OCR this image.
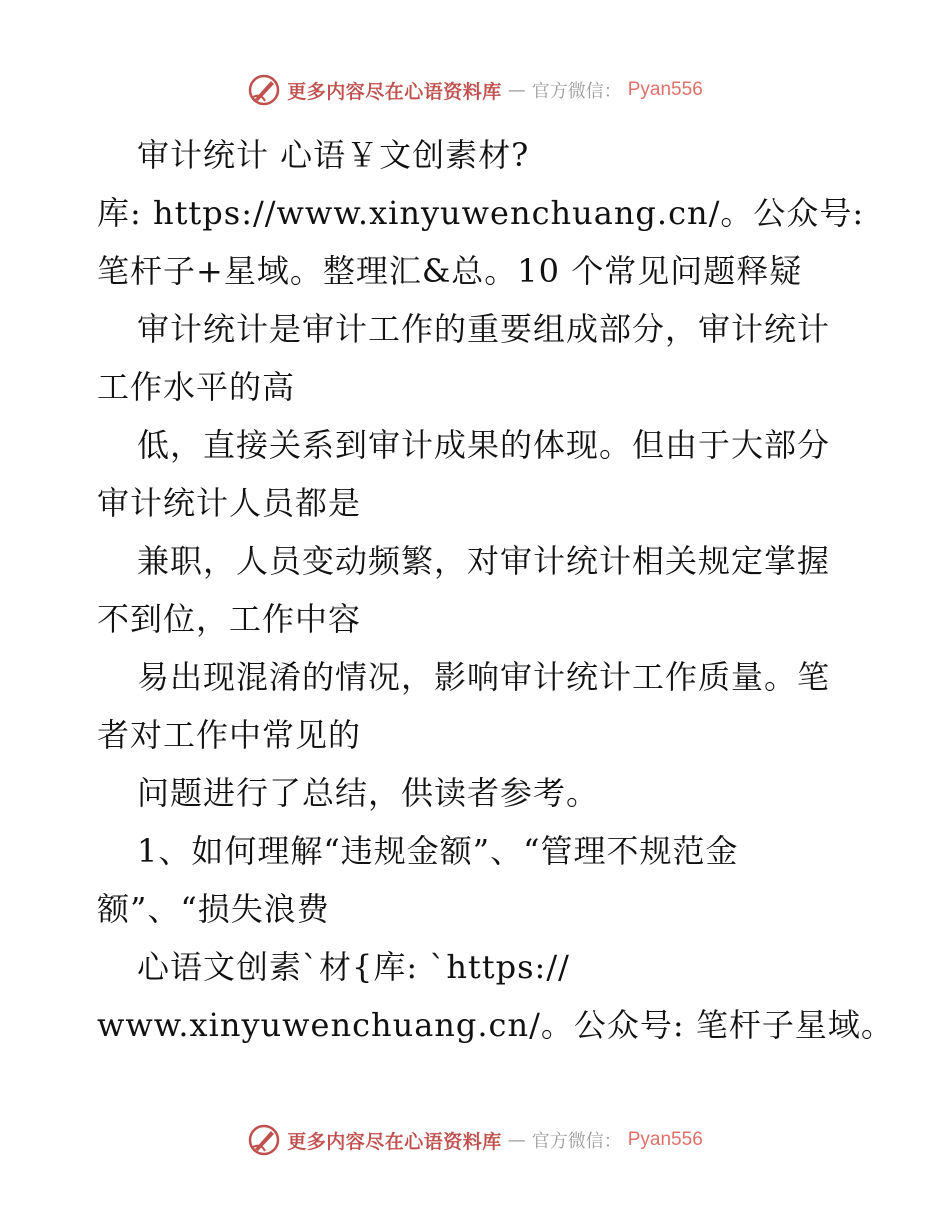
更多内容尽在心语资料库 — 官方微信： Pyan556
审计统计 心语￥文创素材?
库: https://www.xinyuwenchuang.cn/。公众号:
笔杆子+星域。整理汇&总。10 个常见问题释疑
审计统计是审计工作的重要组成部分，审计统计
工作水平的高
低，直接关系到审计成果的体现。但由于大部分
审计统计人员都是
兼职，人员变动频繁，对审计统计相关规定掌握
不到位，工作中容
易出现混淆的情况，影响审计统计工作质量。笔
者对工作中常见的
问题进行了总结，供读者参考。
1、如何理解“违规金额”、“管理不规范金
额”、“损失浪费
心语文创素`材{库: `https://
www.xinyuwenchuang.cn/。公众号: 笔杆子星域。
更多内容尽在心语资料库 — 官方微信： Pyan556
